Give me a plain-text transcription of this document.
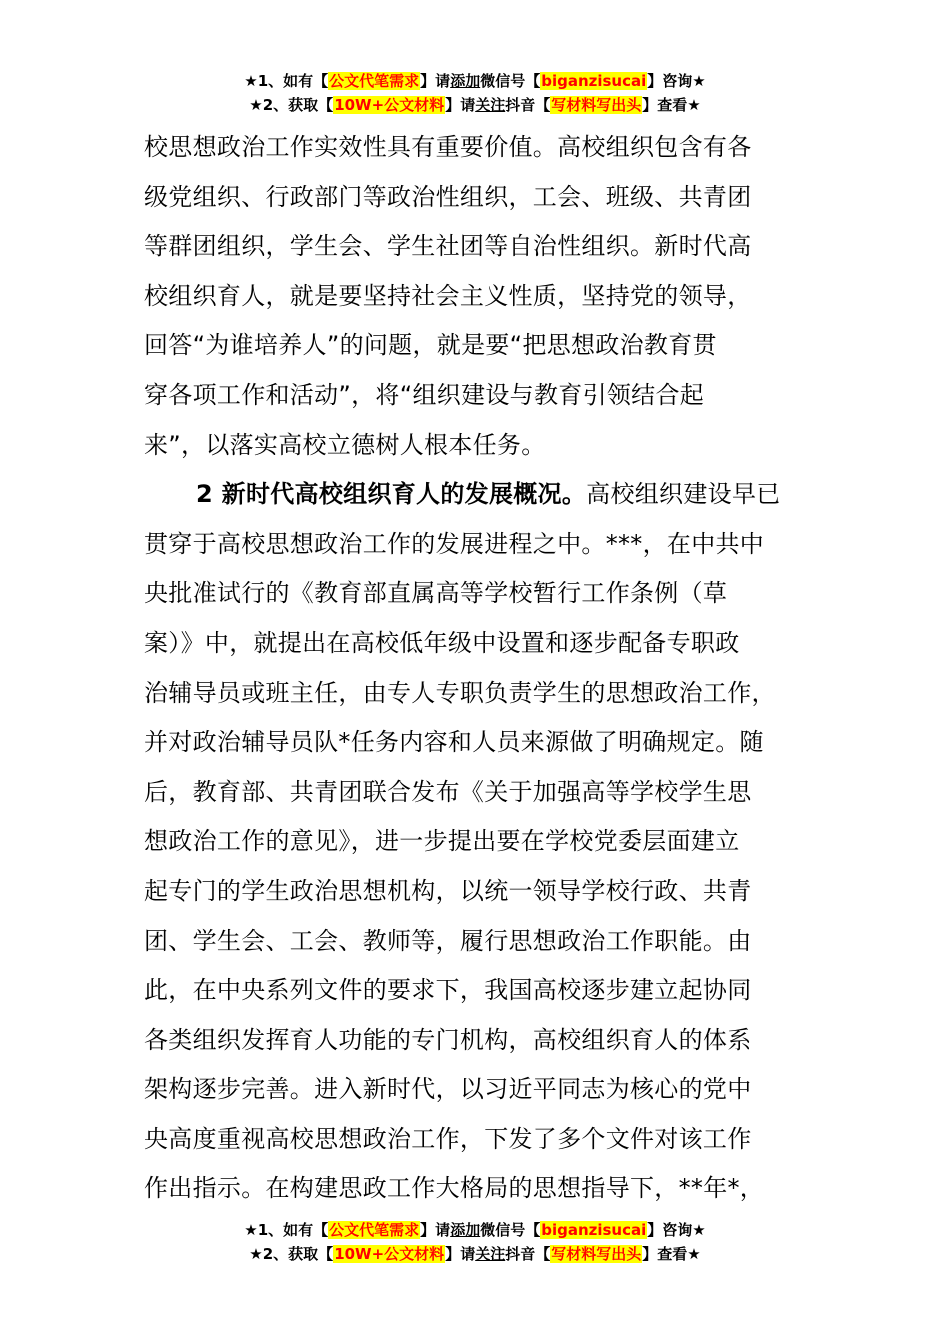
★1、如有【公文代笔需求】请添加微信号【biganzisucai】咨询★
★2、获取【10W+公文材料】请关注抖音【写材料写出头】查看★
校思想政治工作实效性具有重要价值。高校组织包含有各
级党组织、行政部门等政治性组织，工会、班级、共青团
等群团组织，学生会、学生社团等自治性组织。新时代高
校组织育人，就是要坚持社会主义性质，坚持党的领导，
回答“为谁培养人”的问题，就是要“把思想政治教育贯
穿各项工作和活动”，将“组织建设与教育引领结合起
来”，以落实高校立德树人根本任务。
2 新时代高校组织育人的发展概况。高校组织建设早已
贯穿于高校思想政治工作的发展进程之中。***，在中共中
央批准试行的《教育部直属高等学校暂行工作条例（草
案）》中，就提出在高校低年级中设置和逐步配备专职政
治辅导员或班主任，由专人专职负责学生的思想政治工作，
并对政治辅导员队*任务内容和人员来源做了明确规定。随
后，教育部、共青团联合发布《关于加强高等学校学生思
想政治工作的意见》，进一步提出要在学校党委层面建立
起专门的学生政治思想机构，以统一领导学校行政、共青
团、学生会、工会、教师等，履行思想政治工作职能。由
此，在中央系列文件的要求下，我国高校逐步建立起协同
各类组织发挥育人功能的专门机构，高校组织育人的体系
架构逐步完善。进入新时代，以习近平同志为核心的党中
央高度重视高校思想政治工作，下发了多个文件对该工作
作出指示。在构建思政工作大格局的思想指导下，**年*，
★1、如有【公文代笔需求】请添加微信号【biganzisucai】咨询★
★2、获取【10W+公文材料】请关注抖音【写材料写出头】查看★
